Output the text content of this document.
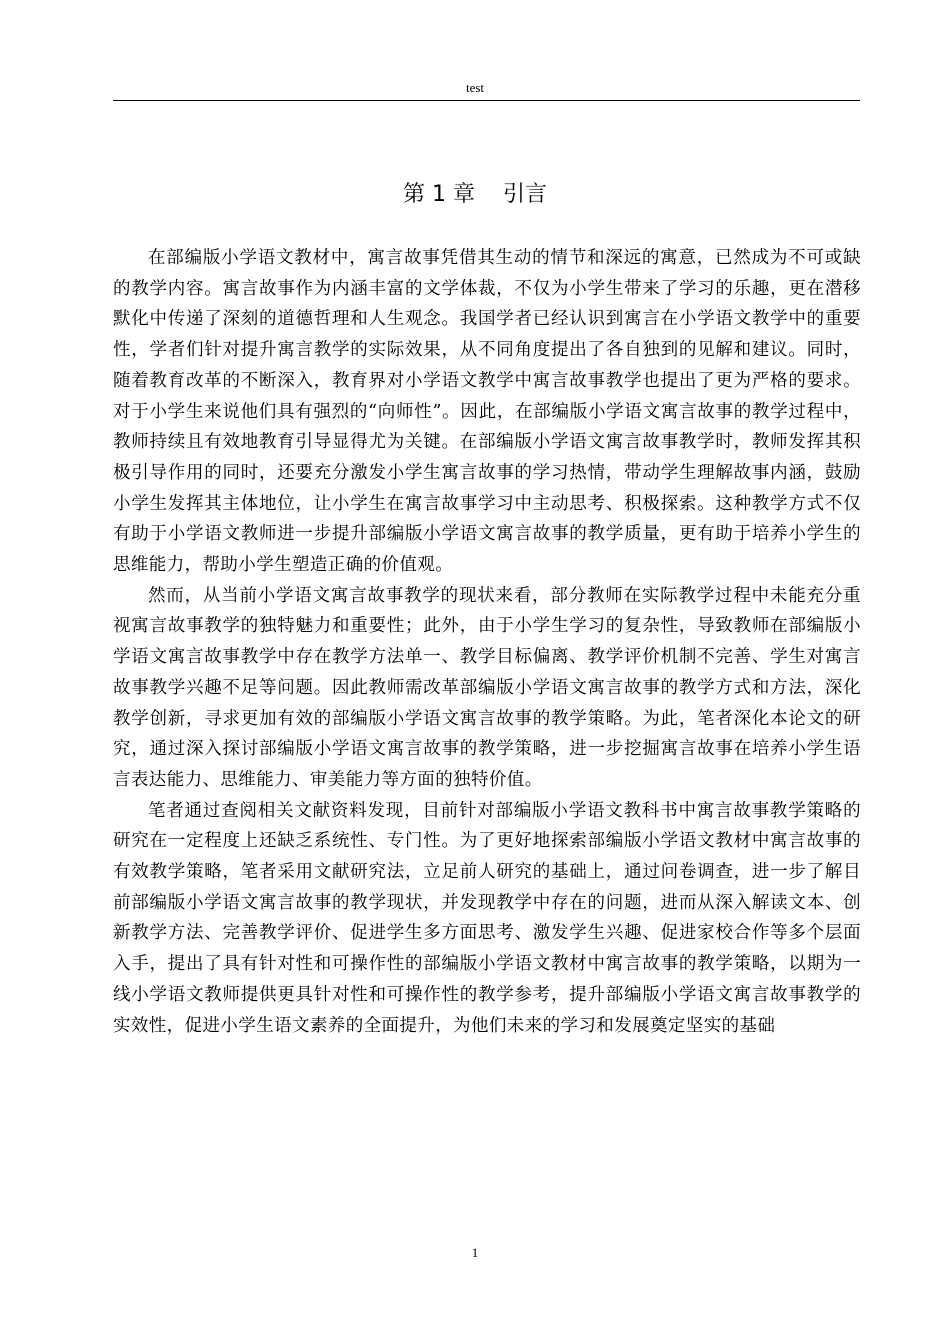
test
第 1 章    引言

在部编版小学语文教材中，寓言故事凭借其生动的情节和深远的寓意，已然成为不可或缺的教学内容。寓言故事作为内涵丰富的文学体裁，不仅为小学生带来了学习的乐趣，更在潜移默化中传递了深刻的道德哲理和人生观念。我国学者已经认识到寓言在小学语文教学中的重要性，学者们针对提升寓言教学的实际效果，从不同角度提出了各自独到的见解和建议。同时，随着教育改革的不断深入，教育界对小学语文教学中寓言故事教学也提出了更为严格的要求。对于小学生来说他们具有强烈的“向师性”。因此，在部编版小学语文寓言故事的教学过程中，教师持续且有效地教育引导显得尤为关键。在部编版小学语文寓言故事教学时，教师发挥其积极引导作用的同时，还要充分激发小学生寓言故事的学习热情，带动学生理解故事内涵，鼓励小学生发挥其主体地位，让小学生在寓言故事学习中主动思考、积极探索。这种教学方式不仅有助于小学语文教师进一步提升部编版小学语文寓言故事的教学质量，更有助于培养小学生的思维能力，帮助小学生塑造正确的价值观。

然而，从当前小学语文寓言故事教学的现状来看，部分教师在实际教学过程中未能充分重视寓言故事教学的独特魅力和重要性；此外，由于小学生学习的复杂性，导致教师在部编版小学语文寓言故事教学中存在教学方法单一、教学目标偏离、教学评价机制不完善、学生对寓言故事教学兴趣不足等问题。因此教师需改革部编版小学语文寓言故事的教学方式和方法，深化教学创新，寻求更加有效的部编版小学语文寓言故事的教学策略。为此，笔者深化本论文的研究，通过深入探讨部编版小学语文寓言故事的教学策略，进一步挖掘寓言故事在培养小学生语言表达能力、思维能力、审美能力等方面的独特价值。

笔者通过查阅相关文献资料发现，目前针对部编版小学语文教科书中寓言故事教学策略的研究在一定程度上还缺乏系统性、专门性。为了更好地探索部编版小学语文教材中寓言故事的有效教学策略，笔者采用文献研究法，立足前人研究的基础上，通过问卷调查，进一步了解目前部编版小学语文寓言故事的教学现状，并发现教学中存在的问题，进而从深入解读文本、创新教学方法、完善教学评价、促进学生多方面思考、激发学生兴趣、促进家校合作等多个层面入手，提出了具有针对性和可操作性的部编版小学语文教材中寓言故事的教学策略，以期为一线小学语文教师提供更具针对性和可操作性的教学参考，提升部编版小学语文寓言故事教学的实效性，促进小学生语文素养的全面提升，为他们未来的学习和发展奠定坚实的基础

1
